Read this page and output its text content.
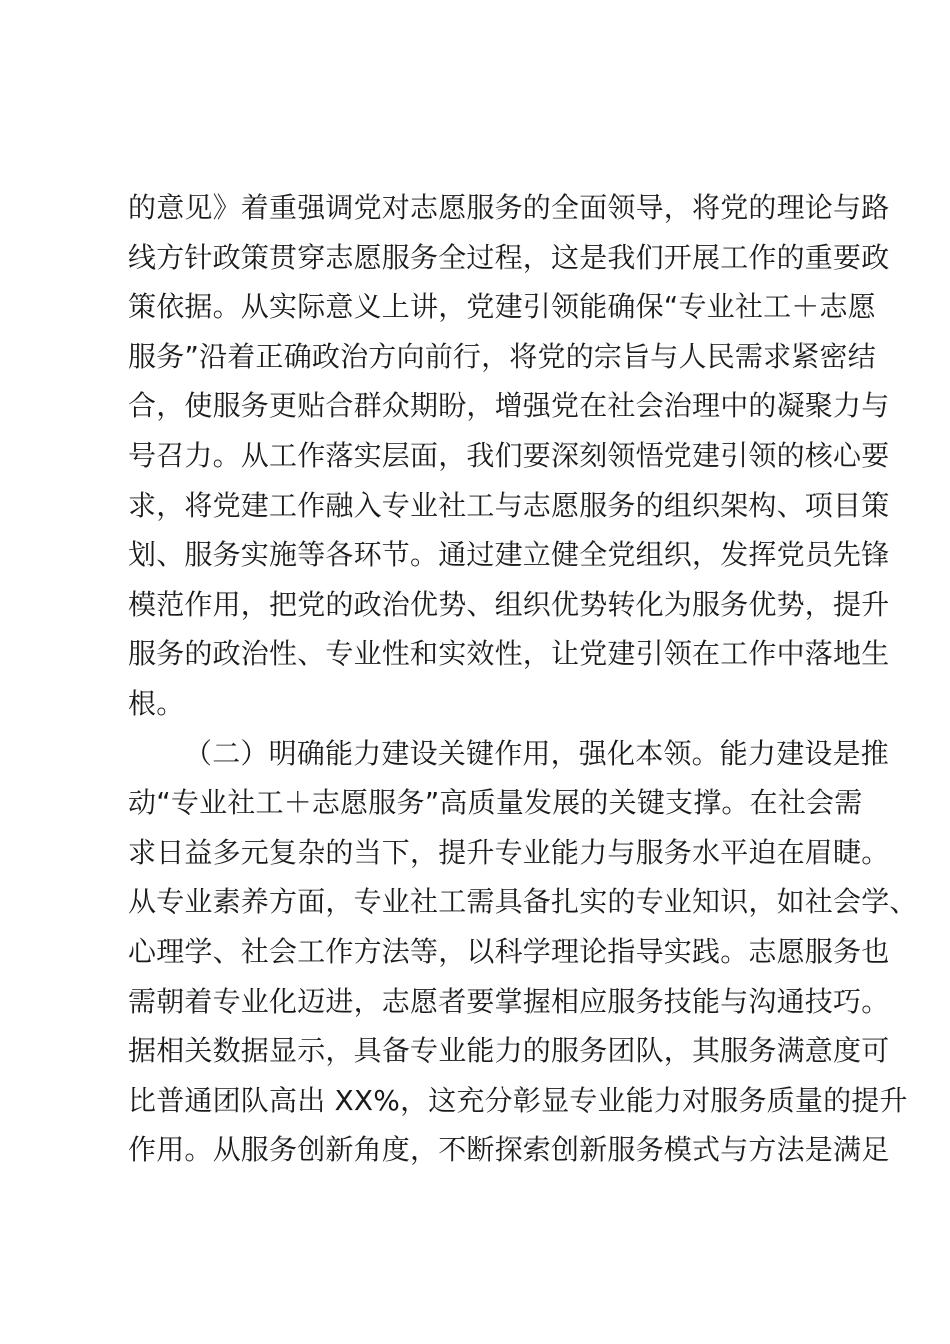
的意见》着重强调党对志愿服务的全面领导，将党的理论与路
线方针政策贯穿志愿服务全过程，这是我们开展工作的重要政
策依据。从实际意义上讲，党建引领能确保“专业社工＋志愿
服务”沿着正确政治方向前行，将党的宗旨与人民需求紧密结
合，使服务更贴合群众期盼，增强党在社会治理中的凝聚力与
号召力。从工作落实层面，我们要深刻领悟党建引领的核心要
求，将党建工作融入专业社工与志愿服务的组织架构、项目策
划、服务实施等各环节。通过建立健全党组织，发挥党员先锋
模范作用，把党的政治优势、组织优势转化为服务优势，提升
服务的政治性、专业性和实效性，让党建引领在工作中落地生
根。
（二）明确能力建设关键作用，强化本领。能力建设是推
动“专业社工＋志愿服务”高质量发展的关键支撑。在社会需
求日益多元复杂的当下，提升专业能力与服务水平迫在眉睫。
从专业素养方面，专业社工需具备扎实的专业知识，如社会学、
心理学、社会工作方法等，以科学理论指导实践。志愿服务也
需朝着专业化迈进，志愿者要掌握相应服务技能与沟通技巧。
据相关数据显示，具备专业能力的服务团队，其服务满意度可
比普通团队高出 XX%，这充分彰显专业能力对服务质量的提升
作用。从服务创新角度，不断探索创新服务模式与方法是满足
